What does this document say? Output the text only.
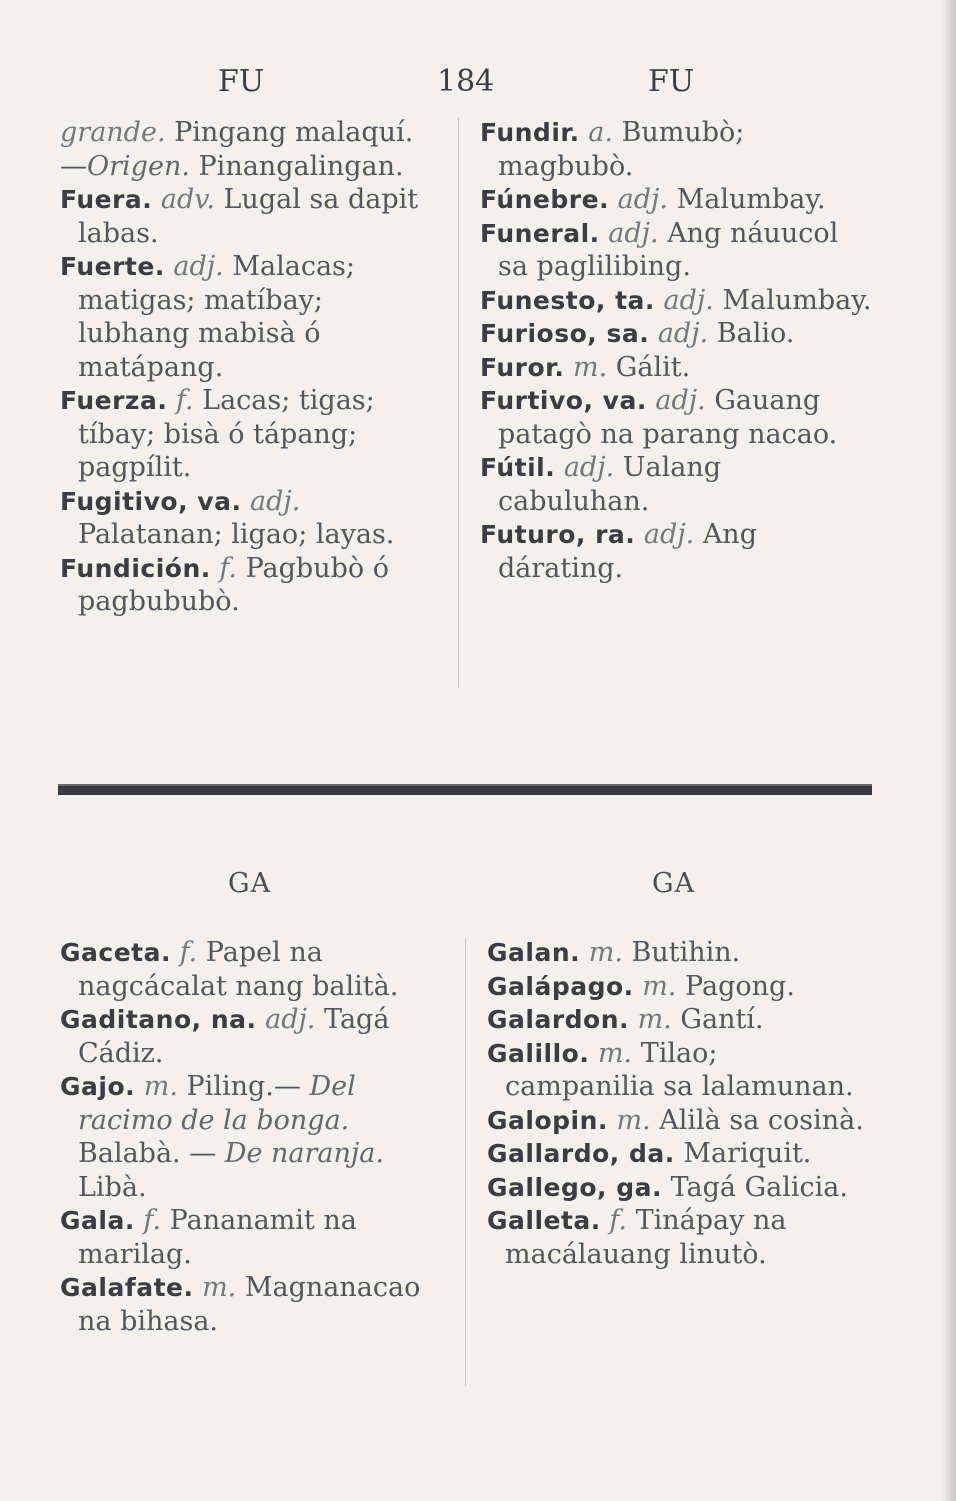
FU	184	FU

grande. Pingang malaquí.—Origen. Pinangalingan.

Fuera. adv. Lugal sa dapit labas.

Fuerte. adj. Malacas; matigas; matíbay; lubhang mabisà ó matápang.

Fuerza. f. Lacas; tigas; tíbay; bisà ó tápang; pagpílit.

Fugitivo, va. adj. Palatanan; ligao; layas.

Fundición. f. Pagbubò ó pagbububò.

Fundir. a. Bumubò; magbubò.

Fúnebre. adj. Malumbay.

Funeral. adj. Ang náuucol sa paglilibing.

Funesto, ta. adj. Malumbay.

Furioso, sa. adj. Balio.

Furor. m. Gálit.

Furtivo, va. adj. Gauang patagò na parang nacao.

Fútil. adj. Ualang cabuluhan.

Futuro, ra. adj. Ang dárating.

GA	GA

Gaceta. f. Papel na nagcácalat nang balità.

Gaditano, na. adj. Tagá Cádiz.

Gajo. m. Piling.— Del racimo de la bonga. Balabà. — De naranja. Libà.

Gala. f. Pananamit na marilag.

Galafate. m. Magnanacao na bihasa.

Galan. m. Butihin.

Galápago. m. Pagong.

Galardon. m. Gantí.

Galillo. m. Tilao; campanilia sa lalamunan.

Galopin. m. Alilà sa cosinà.

Gallardo, da. Mariquit.

Gallego, ga. Tagá Galicia.

Galleta. f. Tinápay na macálauang linutò.
